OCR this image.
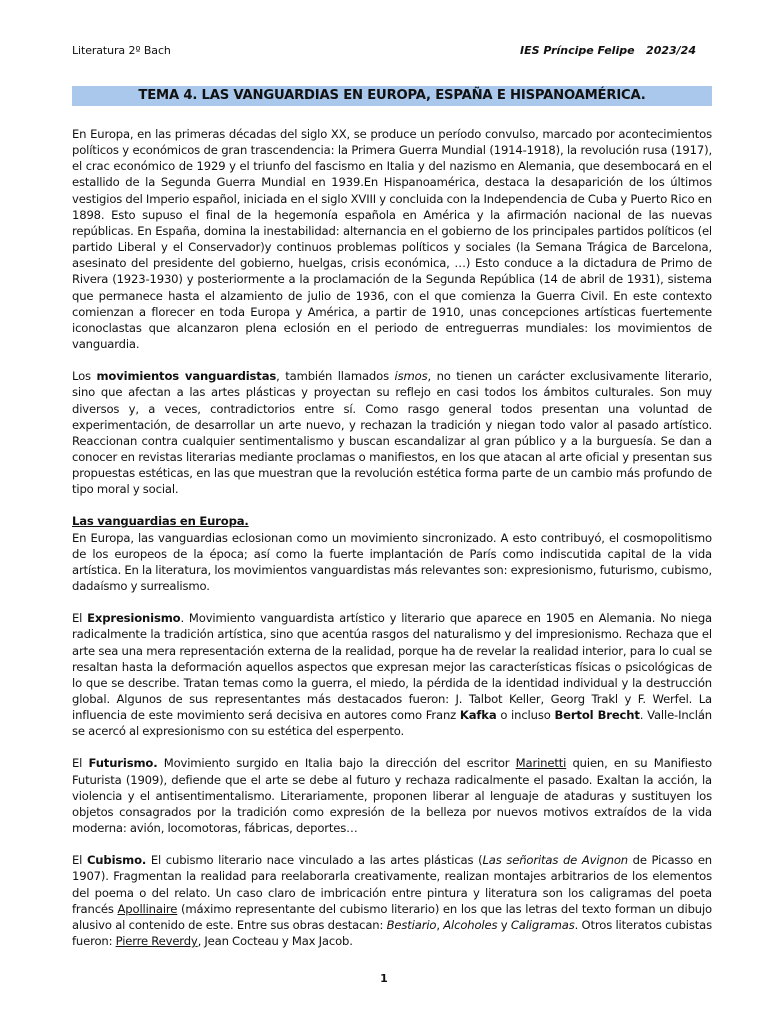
Literatura 2º Bach	IES Príncipe Felipe 2023/24
TEMA 4. LAS VANGUARDIAS EN EUROPA, ESPAÑA E HISPANOAMÉRICA.

En Europa, en las primeras décadas del siglo XX, se produce un período convulso, marcado por acontecimientos políticos y económicos de gran trascendencia: la Primera Guerra Mundial (1914-1918), la revolución rusa (1917), el crac económico de 1929 y el triunfo del fascismo en Italia y del nazismo en Alemania, que desembocará en el estallido de la Segunda Guerra Mundial en 1939.En Hispanoamérica, destaca la desaparición de los últimos vestigios del Imperio español, iniciada en el siglo XVIII y concluida con la Independencia de Cuba y Puerto Rico en 1898. Esto supuso el final de la hegemonía española en América y la afirmación nacional de las nuevas repúblicas. En España, domina la inestabilidad: alternancia en el gobierno de los principales partidos políticos (el partido Liberal y el Conservador)y continuos problemas políticos y sociales (la Semana Trágica de Barcelona, asesinato del presidente del gobierno, huelgas, crisis económica, …) Esto conduce a la dictadura de Primo de Rivera (1923-1930) y posteriormente a la proclamación de la Segunda República (14 de abril de 1931), sistema que permanece hasta el alzamiento de julio de 1936, con el que comienza la Guerra Civil. En este contexto comienzan a florecer en toda Europa y América, a partir de 1910, unas concepciones artísticas fuertemente iconoclastas que alcanzaron plena eclosión en el periodo de entreguerras mundiales: los movimientos de vanguardia.

Los movimientos vanguardistas, también llamados ismos, no tienen un carácter exclusivamente literario, sino que afectan a las artes plásticas y proyectan su reflejo en casi todos los ámbitos culturales. Son muy diversos y, a veces, contradictorios entre sí. Como rasgo general todos presentan una voluntad de experimentación, de desarrollar un arte nuevo, y rechazan la tradición y niegan todo valor al pasado artístico. Reaccionan contra cualquier sentimentalismo y buscan escandalizar al gran público y a la burguesía. Se dan a conocer en revistas literarias mediante proclamas o manifiestos, en los que atacan al arte oficial y presentan sus propuestas estéticas, en las que muestran que la revolución estética forma parte de un cambio más profundo de tipo moral y social.

Las vanguardias en Europa.
En Europa, las vanguardias eclosionan como un movimiento sincronizado. A esto contribuyó, el cosmopolitismo de los europeos de la época; así como la fuerte implantación de París como indiscutida capital de la vida artística. En la literatura, los movimientos vanguardistas más relevantes son: expresionismo, futurismo, cubismo, dadaísmo y surrealismo.

El Expresionismo. Movimiento vanguardista artístico y literario que aparece en 1905 en Alemania. No niega radicalmente la tradición artística, sino que acentúa rasgos del naturalismo y del impresionismo. Rechaza que el arte sea una mera representación externa de la realidad, porque ha de revelar la realidad interior, para lo cual se resaltan hasta la deformación aquellos aspectos que expresan mejor las características físicas o psicológicas de lo que se describe. Tratan temas como la guerra, el miedo, la pérdida de la identidad individual y la destrucción global. Algunos de sus representantes más destacados fueron: J. Talbot Keller, Georg Trakl y F. Werfel. La influencia de este movimiento será decisiva en autores como Franz Kafka o incluso Bertol Brecht. Valle-Inclán se acercó al expresionismo con su estética del esperpento.

El Futurismo. Movimiento surgido en Italia bajo la dirección del escritor Marinetti quien, en su Manifiesto Futurista (1909), defiende que el arte se debe al futuro y rechaza radicalmente el pasado. Exaltan la acción, la violencia y el antisentimentalismo. Literariamente, proponen liberar al lenguaje de ataduras y sustituyen los objetos consagrados por la tradición como expresión de la belleza por nuevos motivos extraídos de la vida moderna: avión, locomotoras, fábricas, deportes…

El Cubismo. El cubismo literario nace vinculado a las artes plásticas (Las señoritas de Avignon de Picasso en 1907). Fragmentan la realidad para reelaborarla creativamente, realizan montajes arbitrarios de los elementos del poema o del relato. Un caso claro de imbricación entre pintura y literatura son los caligramas del poeta francés Apollinaire (máximo representante del cubismo literario) en los que las letras del texto forman un dibujo alusivo al contenido de este. Entre sus obras destacan: Bestiario, Alcoholes y Caligramas. Otros literatos cubistas fueron: Pierre Reverdy, Jean Cocteau y Max Jacob.

1
